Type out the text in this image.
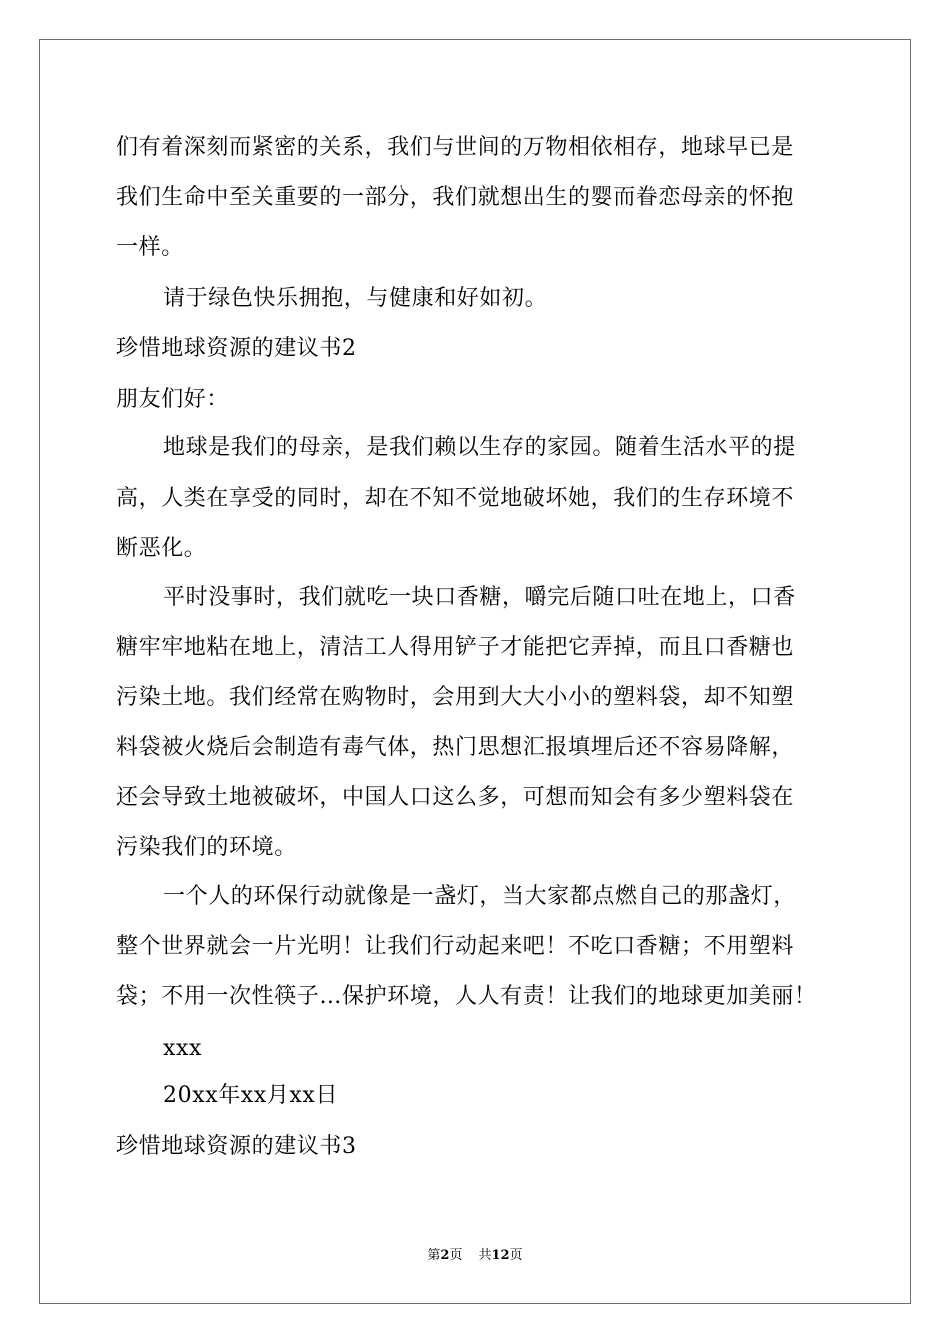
们有着深刻而紧密的关系，我们与世间的万物相依相存，地球早已是
我们生命中至关重要的一部分，我们就想出生的婴而眷恋母亲的怀抱
一样。
请于绿色快乐拥抱，与健康和好如初。
珍惜地球资源的建议书2
朋友们好：
地球是我们的母亲，是我们赖以生存的家园。随着生活水平的提
高，人类在享受的同时，却在不知不觉地破坏她，我们的生存环境不
断恶化。
平时没事时，我们就吃一块口香糖，嚼完后随口吐在地上，口香
糖牢牢地粘在地上，清洁工人得用铲子才能把它弄掉，而且口香糖也
污染土地。我们经常在购物时，会用到大大小小的塑料袋，却不知塑
料袋被火烧后会制造有毒气体，热门思想汇报填埋后还不容易降解，
还会导致土地被破坏，中国人口这么多，可想而知会有多少塑料袋在
污染我们的环境。
一个人的环保行动就像是一盏灯，当大家都点燃自己的那盏灯，
整个世界就会一片光明！让我们行动起来吧！不吃口香糖；不用塑料
袋；不用一次性筷子…保护环境，人人有责！让我们的地球更加美丽！
xxx
20xx年xx月xx日
珍惜地球资源的建议书3
第2页 共12页
